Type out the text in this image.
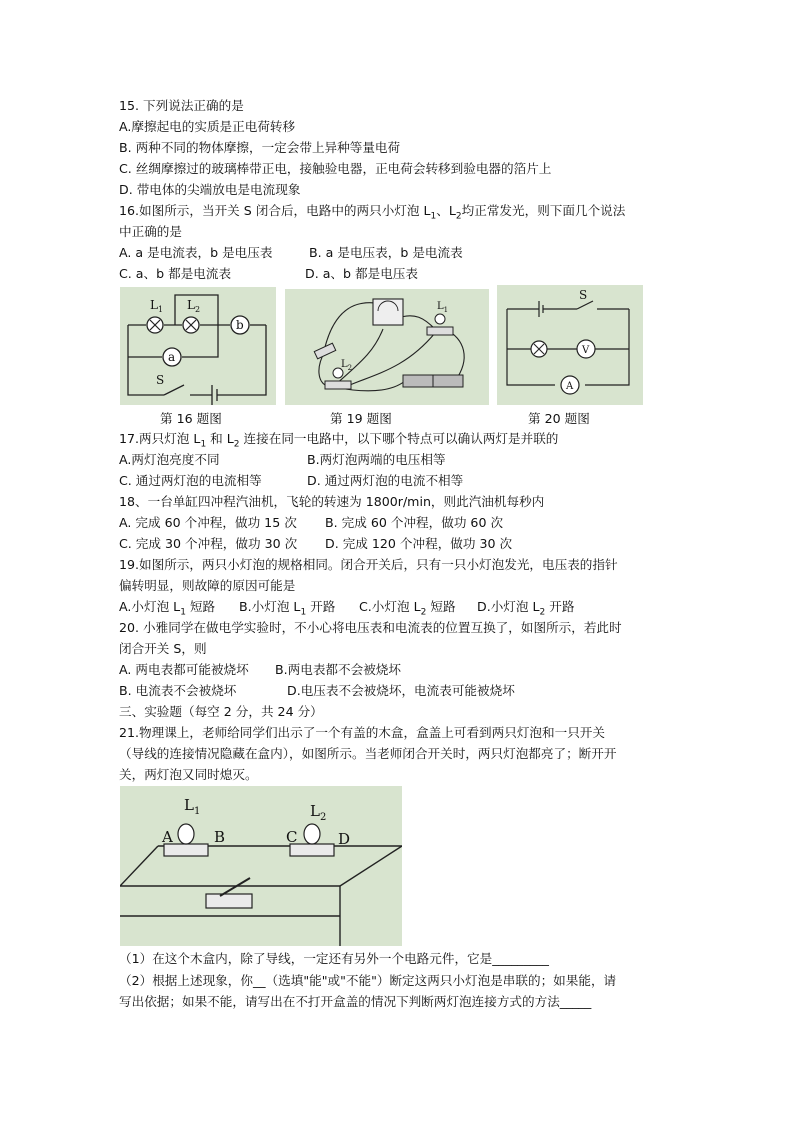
15. 下列说法正确的是
A.摩擦起电的实质是正电荷转移
B. 两种不同的物体摩擦，一定会带上异种等量电荷
C. 丝绸摩擦过的玻璃棒带正电，接触验电器，正电荷会转移到验电器的箔片上
D. 带电体的尖端放电是电流现象
16.如图所示，当开关 S 闭合后，电路中的两只小灯泡 $L_1$、$L_2$均正常发光，则下面几个说法
中正确的是
A. a 是电流表，b 是电压表	B. a 是电压表，b 是电流表
C. a、b 都是电流表	D. a、b 都是电压表
$L_1$ $L_2$
b
a
S
$L_1$
$L_2$
S
V
A
第 16 题图	第 19 题图	第 20 题图
17.两只灯泡 $L_1$ 和 $L_2$ 连接在同一电路中，以下哪个特点可以确认两灯是并联的
A.两灯泡亮度不同	B.两灯泡两端的电压相等
C. 通过两灯泡的电流相等	D. 通过两灯泡的电流不相等
18、一台单缸四冲程汽油机，飞轮的转速为 1800r/min，则此汽油机每秒内
A. 完成 60 个冲程，做功 15 次 B. 完成 60 个冲程，做功 60 次
C. 完成 30 个冲程，做功 30 次 D. 完成 120 个冲程，做功 30 次
19.如图所示，两只小灯泡的规格相同。闭合开关后，只有一只小灯泡发光，电压表的指针
偏转明显，则故障的原因可能是
A.小灯泡 $L_1$ 短路 B.小灯泡 $L_1$ 开路 C.小灯泡 $L_2$ 短路 D.小灯泡 $L_2$ 开路
20. 小雅同学在做电学实验时，不小心将电压表和电流表的位置互换了，如图所示，若此时
闭合开关 S，则
A. 两电表都可能被烧坏 B.两电表都不会被烧坏
B. 电流表不会被烧坏	D.电压表不会被烧坏，电流表可能被烧坏
三、实验题（每空 2 分，共 24 分）
21.物理课上，老师给同学们出示了一个有盖的木盒，盒盖上可看到两只灯泡和一只开关
（导线的连接情况隐藏在盒内），如图所示。当老师闭合开关时，两只灯泡都亮了；断开开
关，两灯泡又同时熄灭。
$L_1$	$L_2$
A	B	C	D
（1）在这个木盒内，除了导线，一定还有另外一个电路元件，它是_________
（2）根据上述现象，你__（选填"能"或"不能"）断定这两只小灯泡是串联的；如果能，请
写出依据；如果不能，请写出在不打开盒盖的情况下判断两灯泡连接方式的方法_____
